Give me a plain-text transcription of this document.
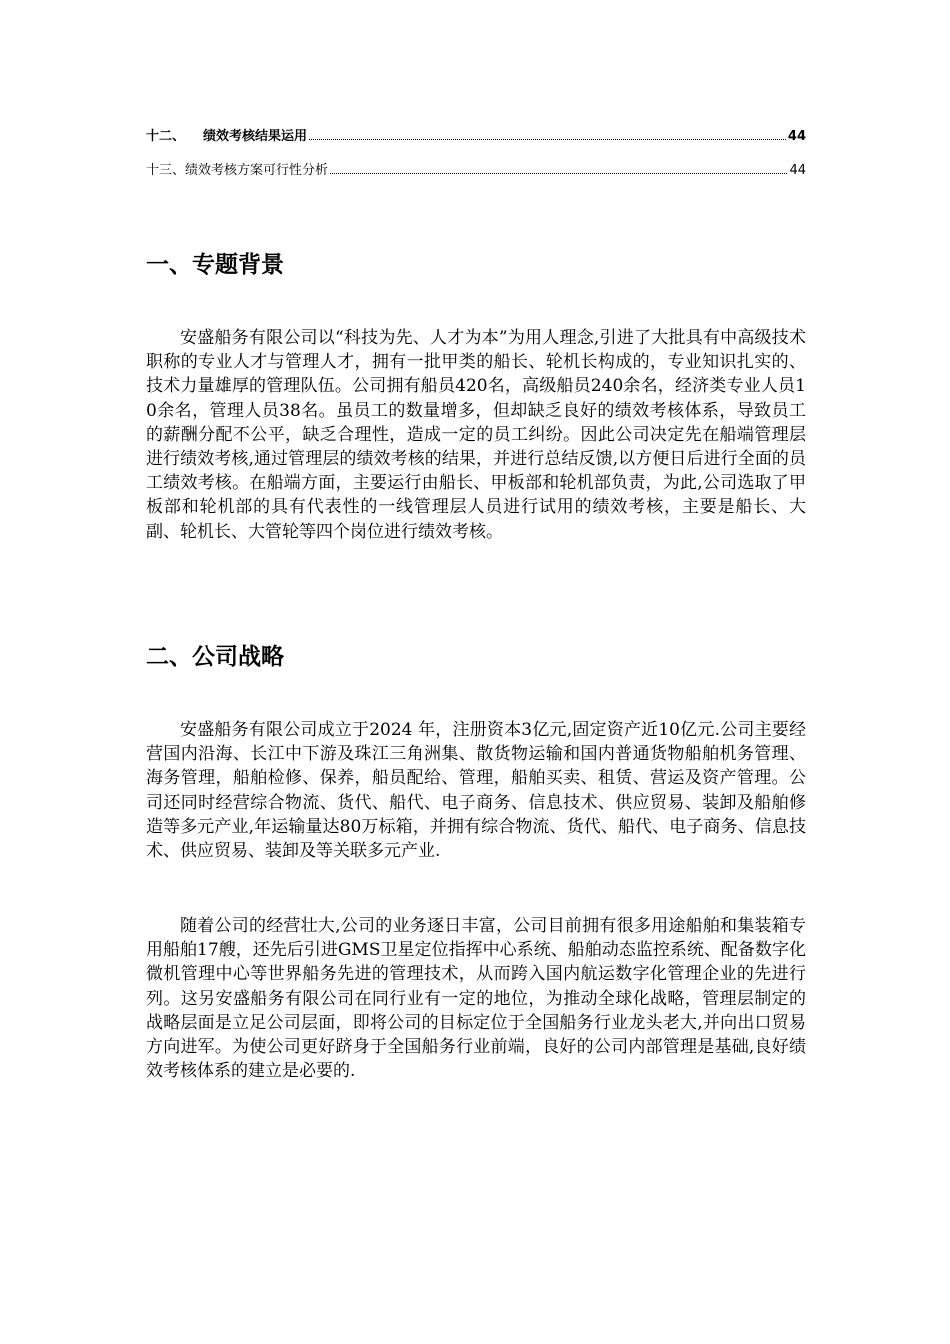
十二、 绩效考核结果运用	44
十三、 绩效考核方案可行性分析	44
一、专题背景

安盛船务有限公司以“科技为先、人才为本”为用人理念,引进了大批具有中高级技术职称的专业人才与管理人才，拥有一批甲类的船长、轮机长构成的，专业知识扎实的、技术力量雄厚的管理队伍。公司拥有船员420名，高级船员240余名，经济类专业人员10余名，管理人员38名。虽员工的数量增多，但却缺乏良好的绩效考核体系，导致员工的薪酬分配不公平，缺乏合理性，造成一定的员工纠纷。因此公司决定先在船端管理层进行绩效考核,通过管理层的绩效考核的结果，并进行总结反馈,以方便日后进行全面的员工绩效考核。在船端方面，主要运行由船长、甲板部和轮机部负责，为此,公司选取了甲板部和轮机部的具有代表性的一线管理层人员进行试用的绩效考核，主要是船长、大副、轮机长、大管轮等四个岗位进行绩效考核。

二、公司战略

安盛船务有限公司成立于2024 年，注册资本3亿元,固定资产近10亿元.公司主要经营国内沿海、长江中下游及珠江三角洲集、散货物运输和国内普通货物船舶机务管理、海务管理，船舶检修、保养，船员配给、管理，船舶买卖、租赁、营运及资产管理。公司还同时经营综合物流、货代、船代、电子商务、信息技术、供应贸易、装卸及船舶修造等多元产业,年运输量达80万标箱，并拥有综合物流、货代、船代、电子商务、信息技术、供应贸易、装卸及等关联多元产业.

随着公司的经营壮大,公司的业务逐日丰富，公司目前拥有很多用途船舶和集装箱专用船舶17艘，还先后引进GMS卫星定位指挥中心系统、船舶动态监控系统、配备数字化微机管理中心等世界船务先进的管理技术，从而跨入国内航运数字化管理企业的先进行列。这另安盛船务有限公司在同行业有一定的地位，为推动全球化战略，管理层制定的战略层面是立足公司层面，即将公司的目标定位于全国船务行业龙头老大,并向出口贸易方向进军。为使公司更好跻身于全国船务行业前端，良好的公司内部管理是基础,良好绩效考核体系的建立是必要的.
